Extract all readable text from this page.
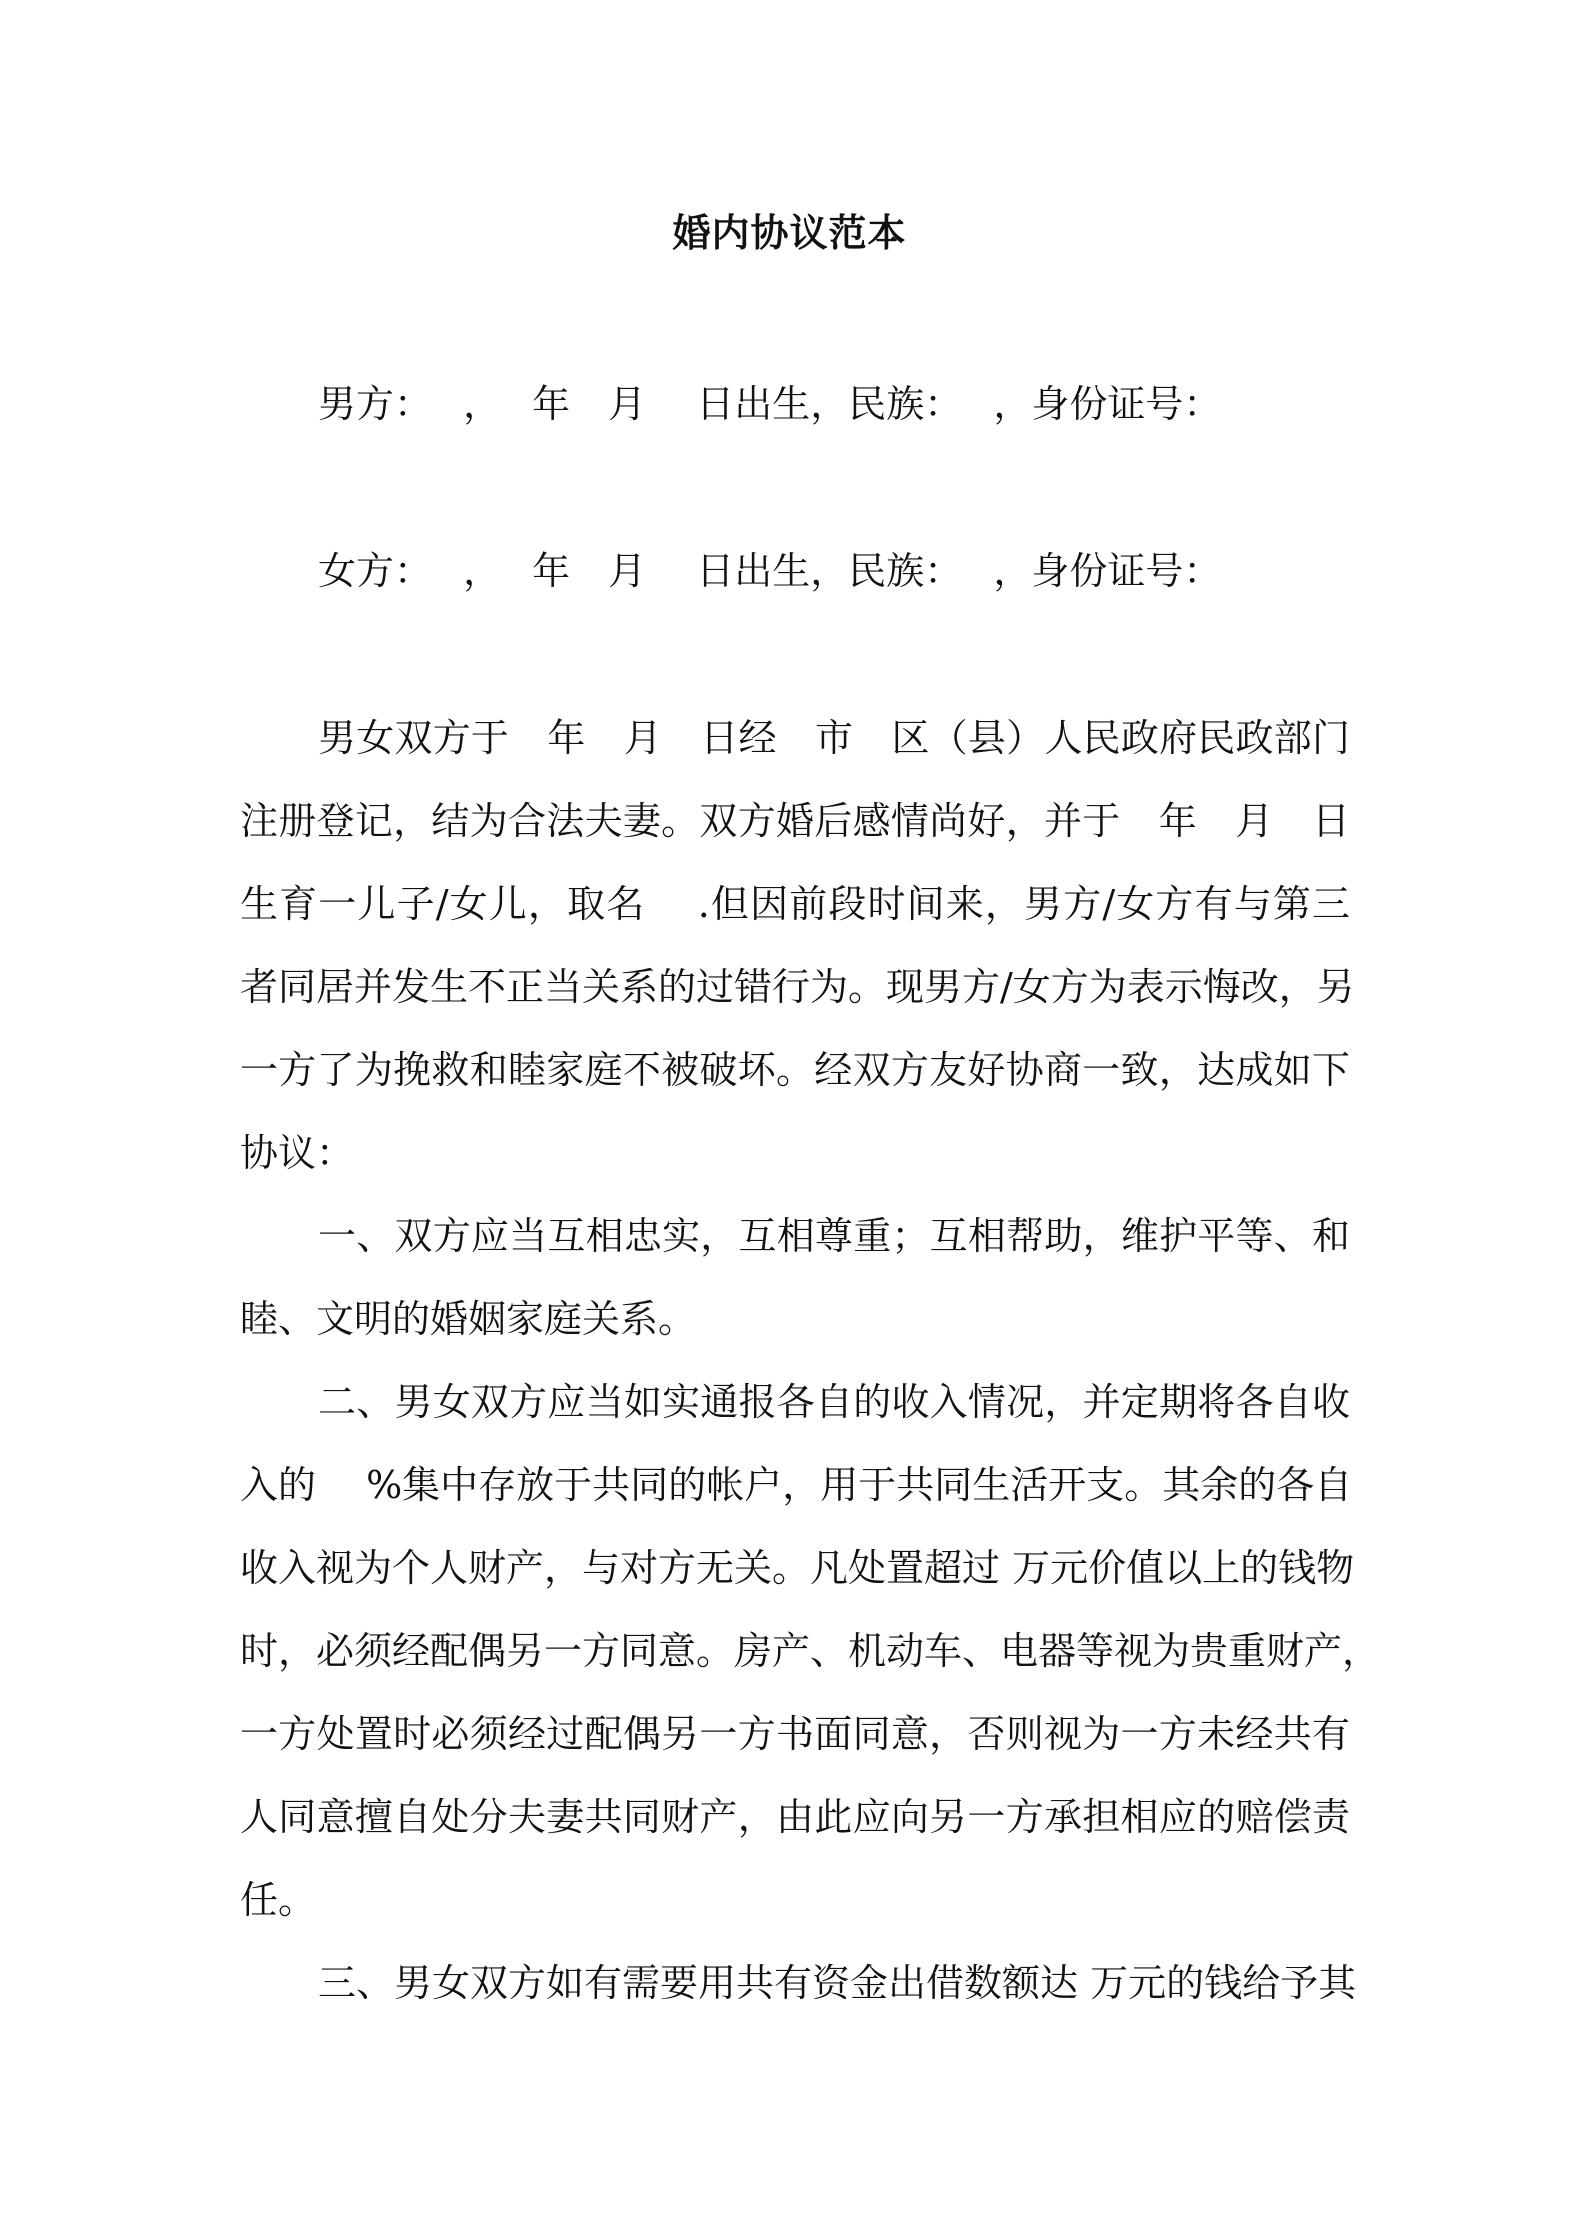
婚内协议范本
男方：　 ，　 年　月　 日出生，民族：　 ，身份证号：
女方：　 ，　 年　月　 日出生，民族：　 ，身份证号：
男女双方于　年　月　日经　市　区（县）人民政府民政部门
注册登记，结为合法夫妻。双方婚后感情尚好，并于　年　月　日
生育一儿子/女儿，取名　 .但因前段时间来，男方/女方有与第三
者同居并发生不正当关系的过错行为。现男方/女方为表示悔改，另
一方了为挽救和睦家庭不被破坏。经双方友好协商一致，达成如下
协议：
一、双方应当互相忠实，互相尊重；互相帮助，维护平等、和
睦、文明的婚姻家庭关系。
二、男女双方应当如实通报各自的收入情况，并定期将各自收
入的　 %集中存放于共同的帐户，用于共同生活开支。其余的各自
收入视为个人财产，与对方无关。凡处置超过 万元价值以上的钱物
时，必须经配偶另一方同意。房产、机动车、电器等视为贵重财产，
一方处置时必须经过配偶另一方书面同意，否则视为一方未经共有
人同意擅自处分夫妻共同财产，由此应向另一方承担相应的赔偿责
任。
三、男女双方如有需要用共有资金出借数额达 万元的钱给予其
